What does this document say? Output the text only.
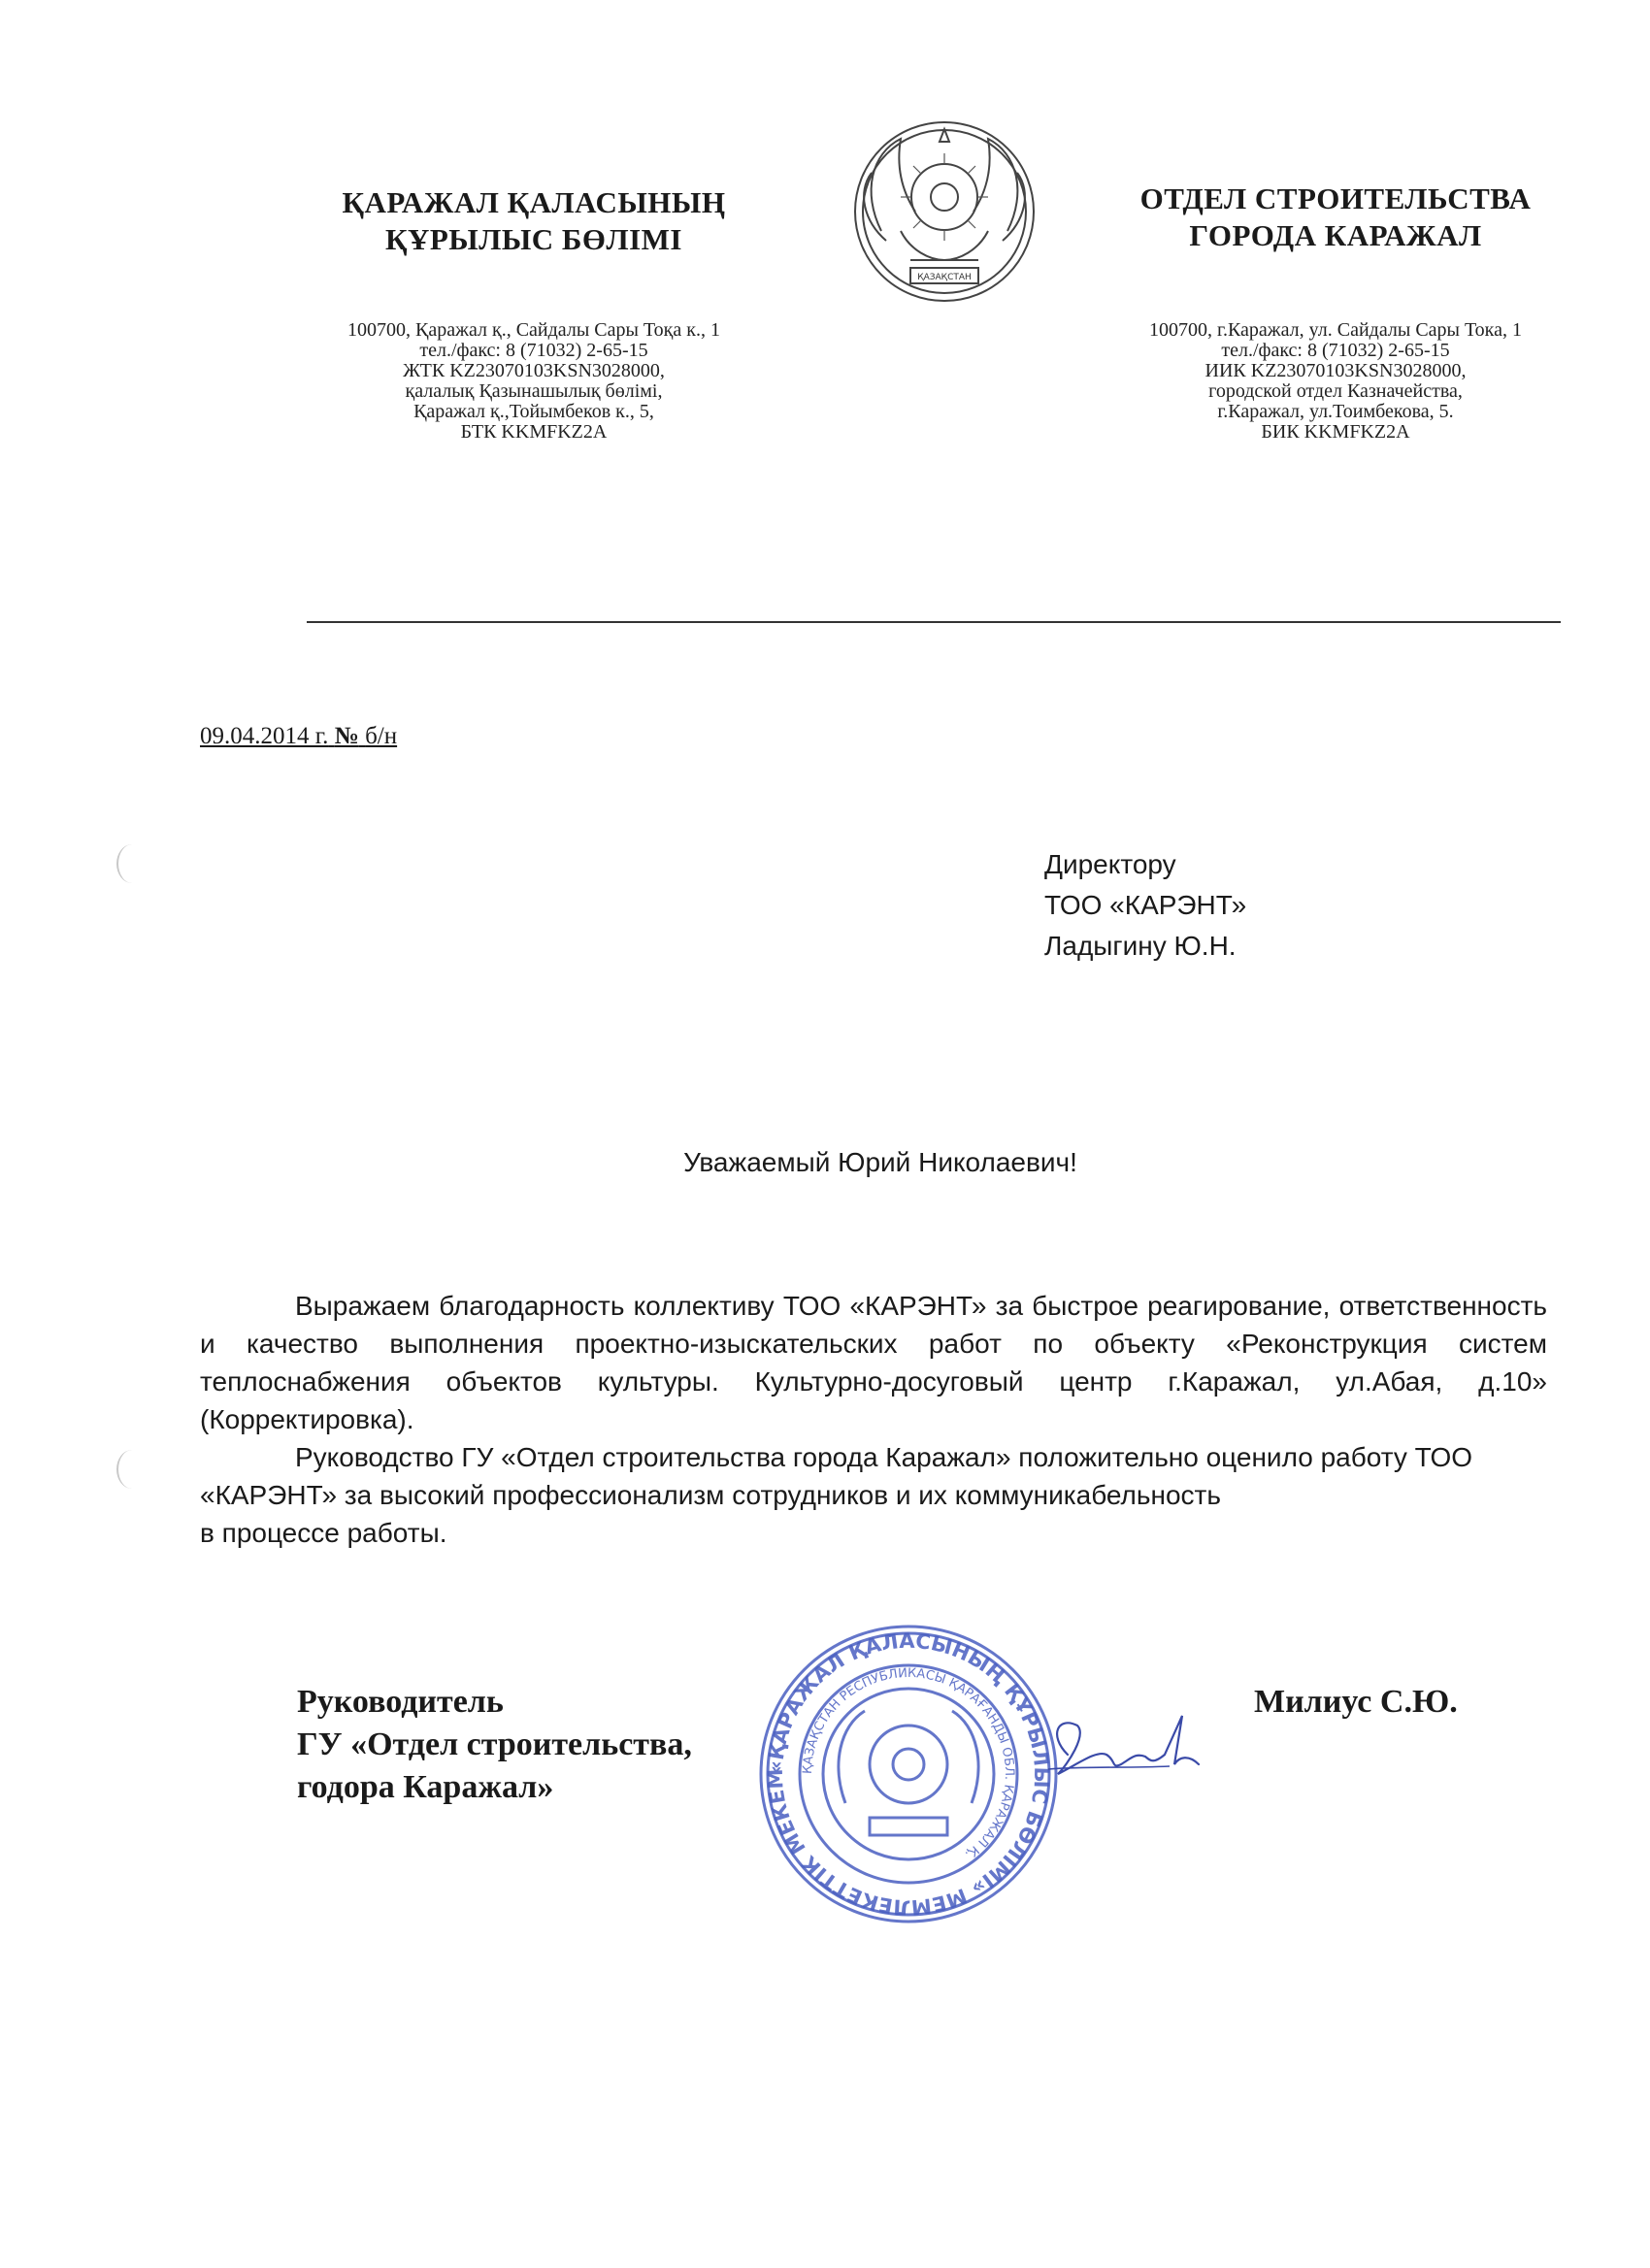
ҚАРАЖАЛ ҚАЛАСЫНЫҢ
ҚҰРЫЛЫС БӨЛІМІ
100700, Қаражал қ., Сайдалы Сары Тоқа к., 1
тел./факс: 8 (71032) 2-65-15
ЖТК KZ23070103KSN3028000,
қалалық Қазынашылық бөлімі,
Қаражал қ.,Тойымбеков к., 5,
БТК KKMFKZ2A
ҚАЗАҚСТАН
ОТДЕЛ СТРОИТЕЛЬСТВА
ГОРОДА КАРАЖАЛ
100700, г.Каражал, ул. Сайдалы Сары Тока, 1
тел./факс: 8 (71032) 2-65-15
ИИК KZ23070103KSN3028000,
городской отдел Казначейства,
г.Каражал, ул.Тоимбекова, 5.
БИК KKMFKZ2A
09.04.2014 г. № б/н
Директору
ТОО «КАРЭНТ»
Ладыгину Ю.Н.
Уважаемый Юрий Николаевич!

Выражаем благодарность коллективу ТОО «КАРЭНТ» за быстрое реагирование, ответственность и качество выполнения проектно-изыскательских работ по объекту «Реконструкция систем теплоснабжения объектов культуры. Культурно-досуговый центр г.Каражал, ул.Абая, д.10» (Корректировка).

Руководство ГУ «Отдел строительства города Каражал» положительно оценило работу ТОО «КАРЭНТ» за высокий профессионализм сотрудников и их коммуникабельность

в процессе работы.

Руководитель
ГУ «Отдел строительства,
годора Каражал»
Милиус С.Ю.
«ҚАРАЖАЛ ҚАЛАСЫНЫҢ ҚҰРЫЛЫС БӨЛІМІ» МЕМЛЕКЕТТІК МЕКЕМ	ҚАЗАҚСТАН РЕСПУБЛИКАСЫ ҚАРАҒАНДЫ ОБЛ. ҚАРАЖАЛ Қ.
